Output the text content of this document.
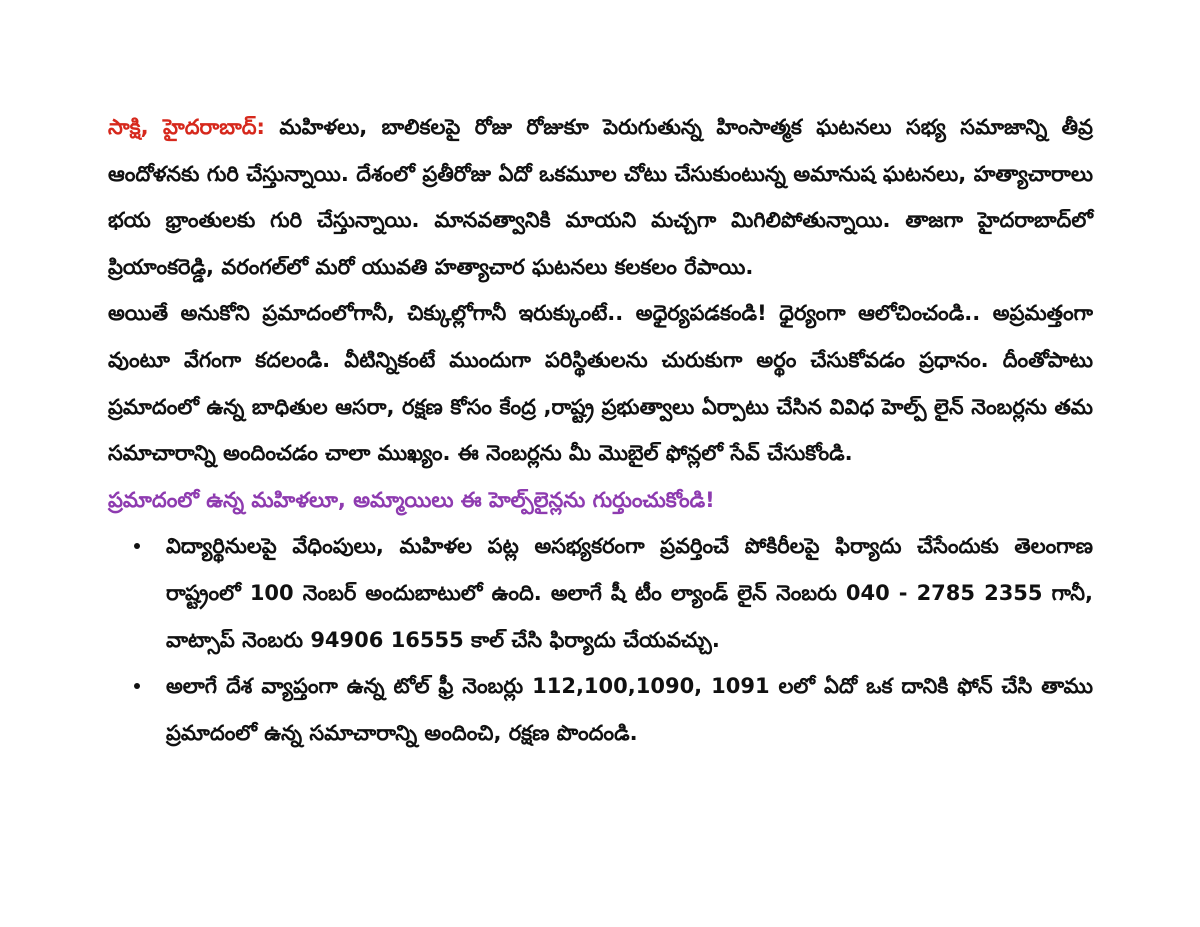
సాక్షి, హైదరాబాద్: మహిళలు, బాలికలపై రోజు రోజుకూ పెరుగుతున్న హింసాత్మక ఘటనలు సభ్య సమాజాన్ని తీవ్ర ఆందోళనకు గురి చేస్తున్నాయి. దేశంలో ప్రతీరోజు ఏదో ఒకమూల చోటు చేసుకుంటున్న అమానుష ఘటనలు, హత్యాచారాలు భయ భ్రాంతులకు గురి చేస్తున్నాయి. మానవత్వానికి మాయని మచ్చగా మిగిలిపోతున్నాయి. తాజగా హైదరాబాద్‌లో ప్రియాంకరెడ్డి, వరంగల్‌లో మరో యువతి హత్యాచార ఘటనలు కలకలం రేపాయి.

అయితే అనుకోని ప్రమాదంలోగానీ, చిక్కుల్లోగానీ ఇరుక్కుంటే.. అధైర్యపడకండి! ధైర్యంగా ఆలోచించండి.. అప్రమత్తంగా వుంటూ వేగంగా కదలండి. వీటిన్నికంటే ముందుగా పరిస్థితులను చురుకుగా అర్థం చేసుకోవడం ప్రధానం. దీంతోపాటు ప్రమాదంలో ఉన్న బాధితుల ఆసరా, రక్షణ కోసం కేంద్ర ,రాష్ట్ర ప్రభుత్వాలు ఏర్పాటు చేసిన వివిధ హెల్ప్ లైన్ నెంబర్లను తమ సమాచారాన్ని అందించడం చాలా ముఖ్యం. ఈ నెంబర్లను మీ మొబైల్ ఫోన్లలో సేవ్ చేసుకోండి.

ప్రమాదంలో ఉన్న మహిళలూ, అమ్మాయిలు ఈ హెల్ప్‌లైన్లను గుర్తుంచుకోండి!

విద్యార్థినులపై వేధింపులు, మహిళల పట్ల అసభ్యకరంగా ప్రవర్తించే పోకిరీలపై ఫిర్యాదు చేసేందుకు తెలంగాణ రాష్ట్రంలో 100 నెంబర్ అందుబాటులో ఉంది. అలాగే షీ టీం ల్యాండ్ లైన్ నెంబరు 040 - 2785 2355 గానీ, వాట్సాప్ నెంబరు 94906 16555 కాల్ చేసి ఫిర్యాదు చేయవచ్చు.
అలాగే దేశ వ్యాప్తంగా ఉన్న టోల్ ఫ్రీ నెంబర్లు 112,100,1090, 1091 లలో ఏదో ఒక దానికి ఫోన్ చేసి తాము ప్రమాదంలో ఉన్న సమాచారాన్ని అందించి, రక్షణ పొందండి.
